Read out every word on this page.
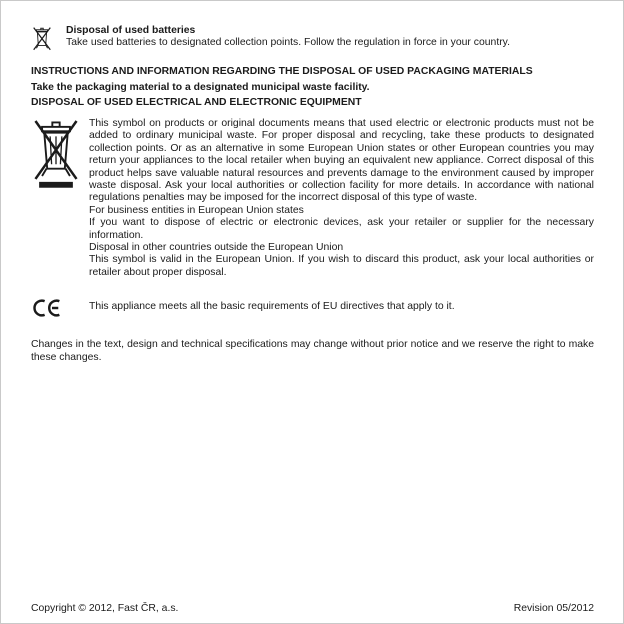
Disposal of used batteries
Take used batteries to designated collection points. Follow the regulation in force in your country.
INSTRUCTIONS AND INFORMATION REGARDING THE DISPOSAL OF USED PACKAGING MATERIALS
Take the packaging material to a designated municipal waste facility.
DISPOSAL OF USED ELECTRICAL AND ELECTRONIC EQUIPMENT

This symbol on products or original documents means that used electric or electronic products must not be added to ordinary municipal waste. For proper disposal and recycling, take these products to designated collection points. Or as an alternative in some European Union states or other European countries you may return your appliances to the local retailer when buying an equivalent new appliance. Correct disposal of this product helps save valuable natural resources and prevents damage to the environment caused by improper waste disposal. Ask your local authorities or collection facility for more details. In accordance with national regulations penalties may be imposed for the incorrect disposal of this type of waste.

For business entities in European Union states

If you want to dispose of electric or electronic devices, ask your retailer or supplier for the necessary information.

Disposal in other countries outside the European Union

This symbol is valid in the European Union. If you wish to discard this product, ask your local authorities or retailer about proper disposal.

This appliance meets all the basic requirements of EU directives that apply to it.

Changes in the text, design and technical specifications may change without prior notice and we reserve the right to make these changes.

Copyright © 2012, Fast ČR, a.s.	Revision 05/2012
